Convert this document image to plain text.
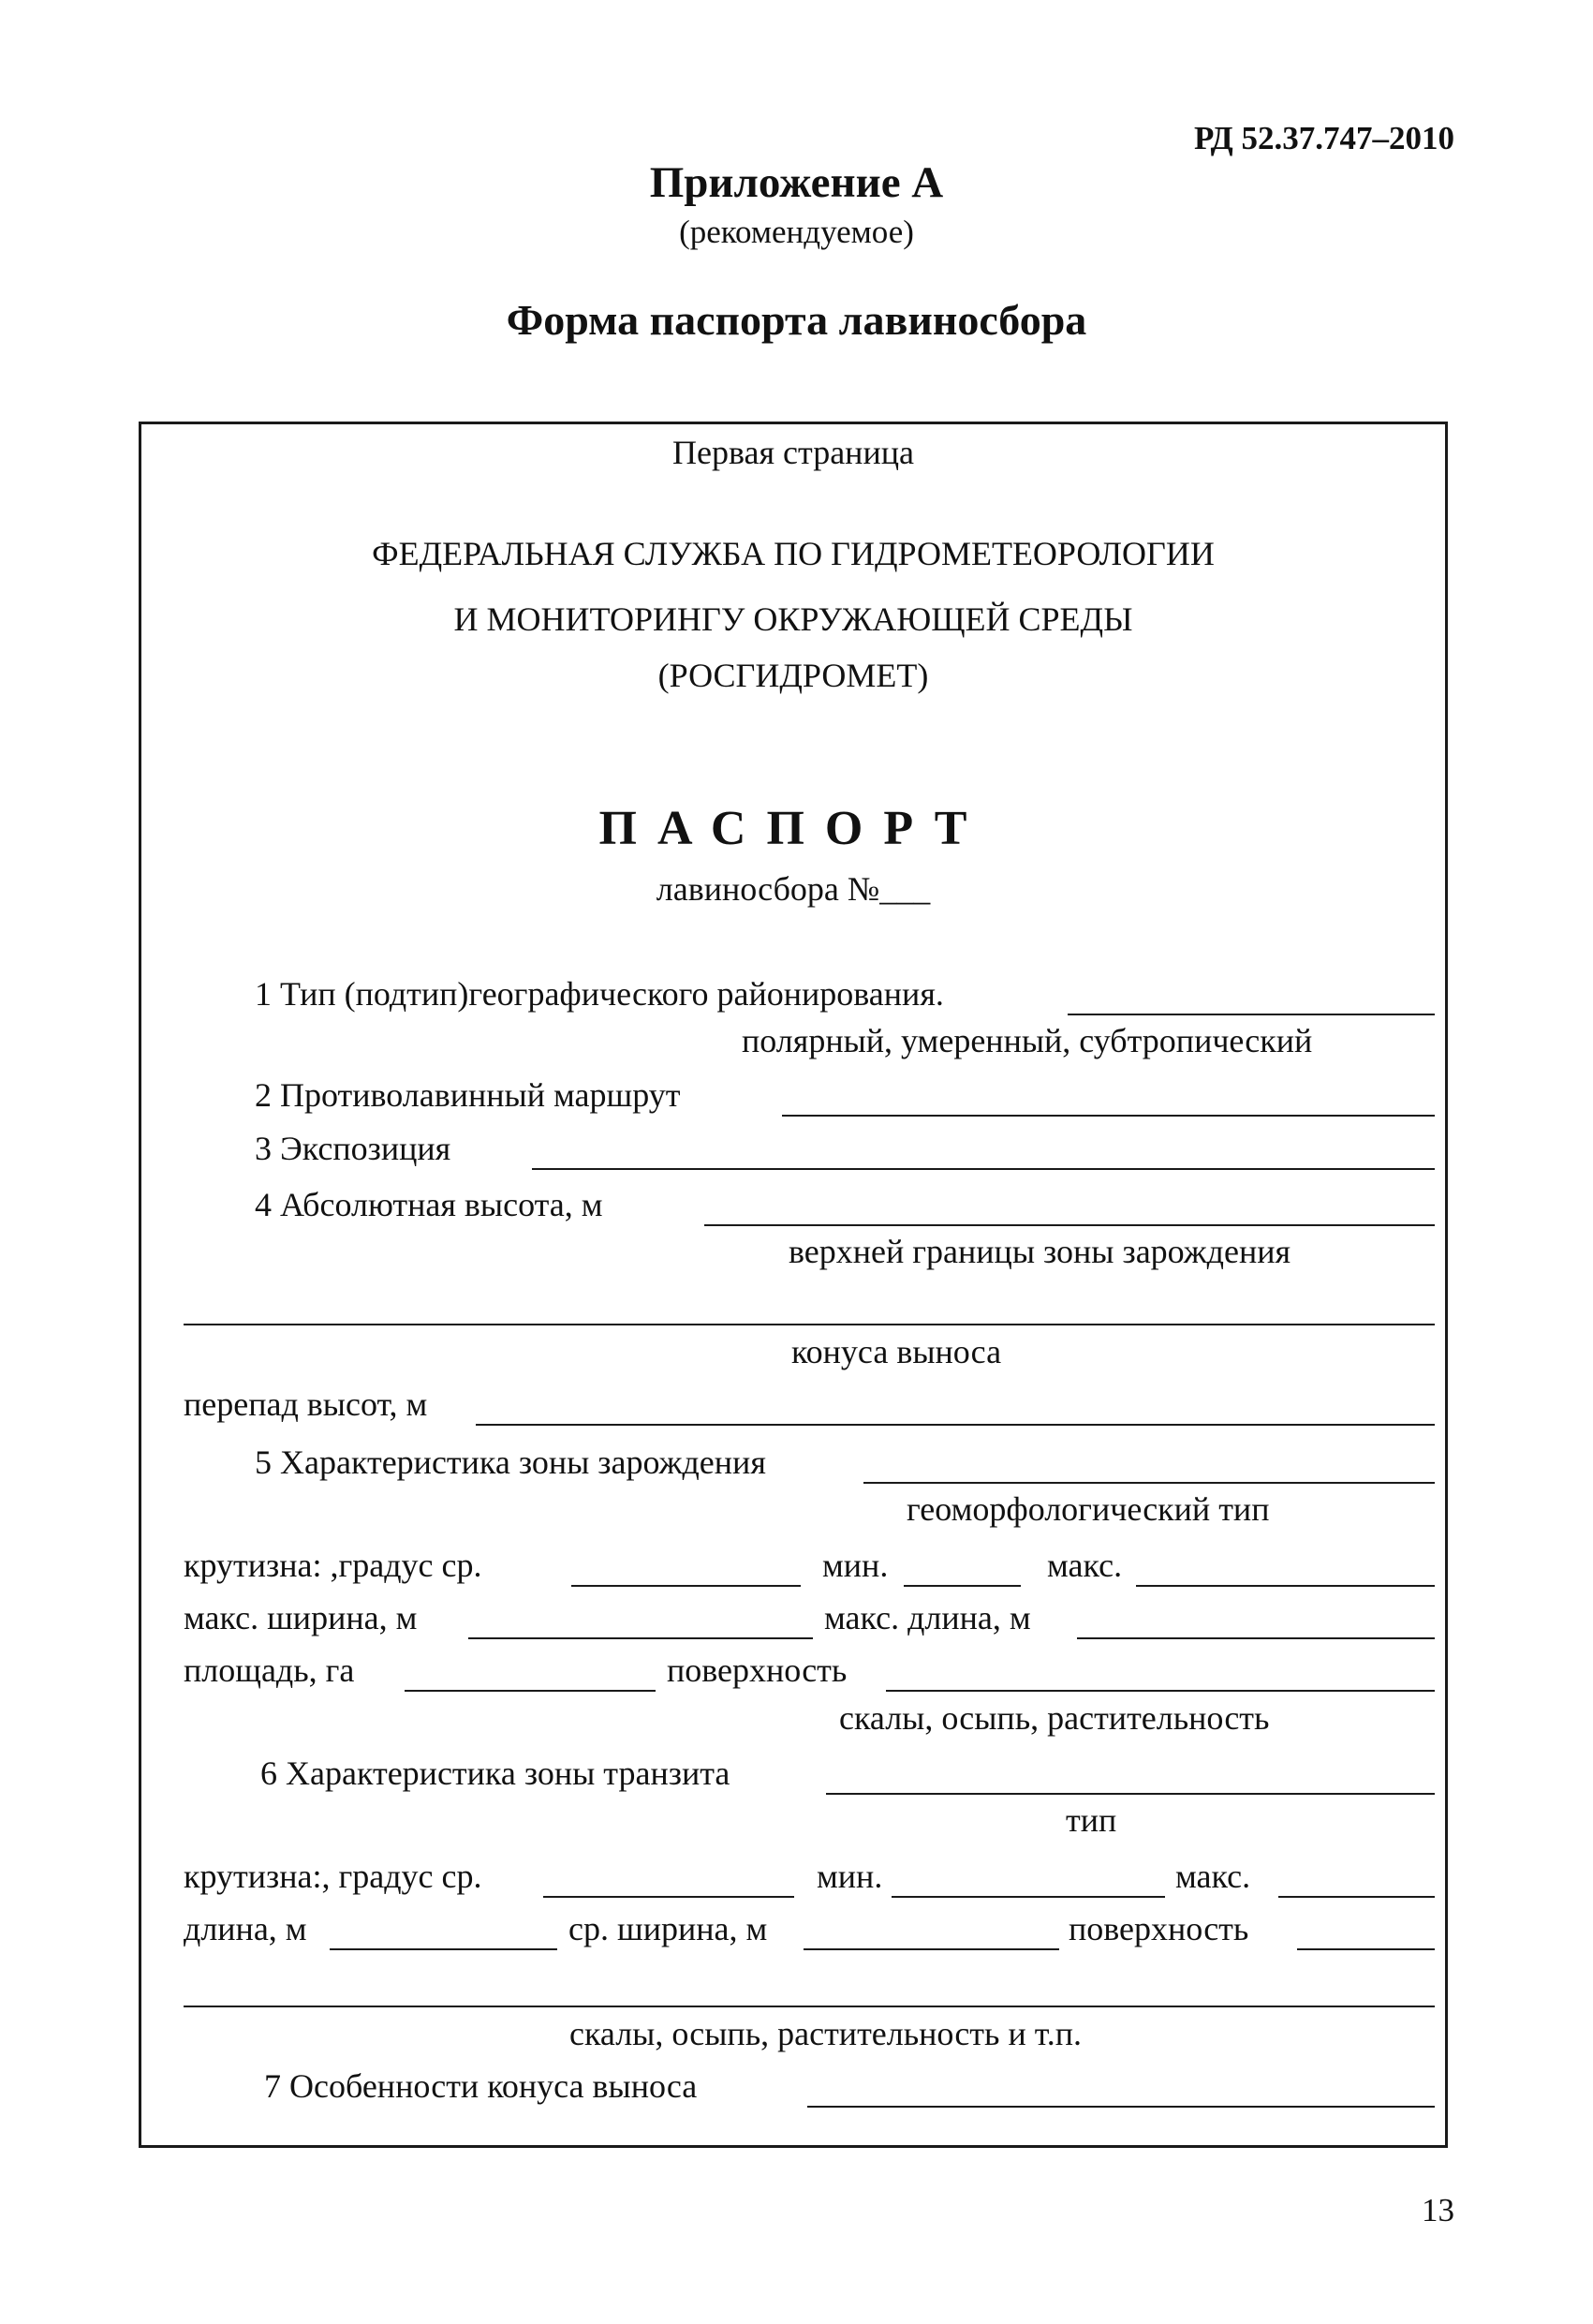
РД 52.37.747–2010
Приложение А
(рекомендуемое)
Форма паспорта лавиносбора
Первая страница
ФЕДЕРАЛЬНАЯ СЛУЖБА ПО ГИДРОМЕТЕОРОЛОГИИ
И МОНИТОРИНГУ ОКРУЖАЮЩЕЙ СРЕДЫ
(РОСГИДРОМЕТ)
ПАСПОРТ
лавиносбора №___
1 Тип (подтип)географического районирования.
полярный, умеренный, субтропический
2 Противолавинный маршрут
3 Экспозиция
4 Абсолютная высота, м
верхней границы зоны зарождения
конуса выноса
перепад высот, м
5 Характеристика зоны зарождения
геоморфологический тип
крутизна: ,градус ср.	мин.	макс.
макс. ширина, м	макс. длина, м
площадь, га	поверхность
скалы, осыпь, растительность
6 Характеристика зоны транзита
тип
крутизна:, градус ср.	мин.	макс.
длина, м	ср. ширина, м	поверхность
скалы, осыпь, растительность и т.п.
7 Особенности конуса выноса
13
